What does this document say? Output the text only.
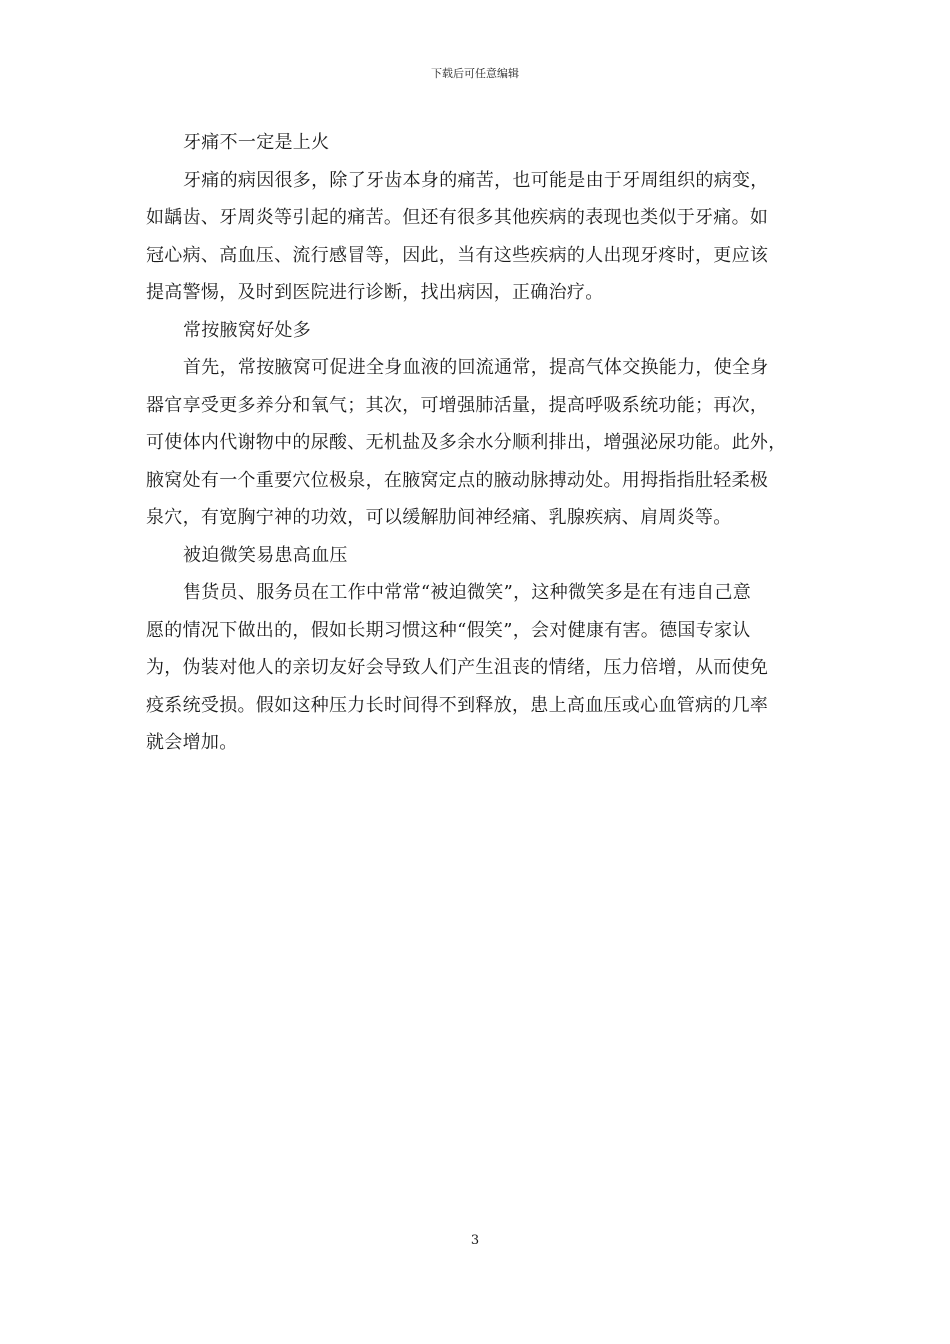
下载后可任意编辑
牙痛不一定是上火
牙痛的病因很多，除了牙齿本身的痛苦，也可能是由于牙周组织的病变，
如龋齿、牙周炎等引起的痛苦。但还有很多其他疾病的表现也类似于牙痛。如
冠心病、高血压、流行感冒等，因此，当有这些疾病的人出现牙疼时，更应该
提高警惕，及时到医院进行诊断，找出病因，正确治疗。
常按腋窝好处多
首先，常按腋窝可促进全身血液的回流通常，提高气体交换能力，使全身
器官享受更多养分和氧气；其次，可增强肺活量，提高呼吸系统功能；再次，
可使体内代谢物中的尿酸、无机盐及多余水分顺利排出，增强泌尿功能。此外，
腋窝处有一个重要穴位极泉，在腋窝定点的腋动脉搏动处。用拇指指肚轻柔极
泉穴，有宽胸宁神的功效，可以缓解肋间神经痛、乳腺疾病、肩周炎等。
被迫微笑易患高血压
售货员、服务员在工作中常常“被迫微笑”，这种微笑多是在有违自己意
愿的情况下做出的，假如长期习惯这种“假笑”，会对健康有害。德国专家认
为，伪装对他人的亲切友好会导致人们产生沮丧的情绪，压力倍增，从而使免
疫系统受损。假如这种压力长时间得不到释放，患上高血压或心血管病的几率
就会增加。
3
